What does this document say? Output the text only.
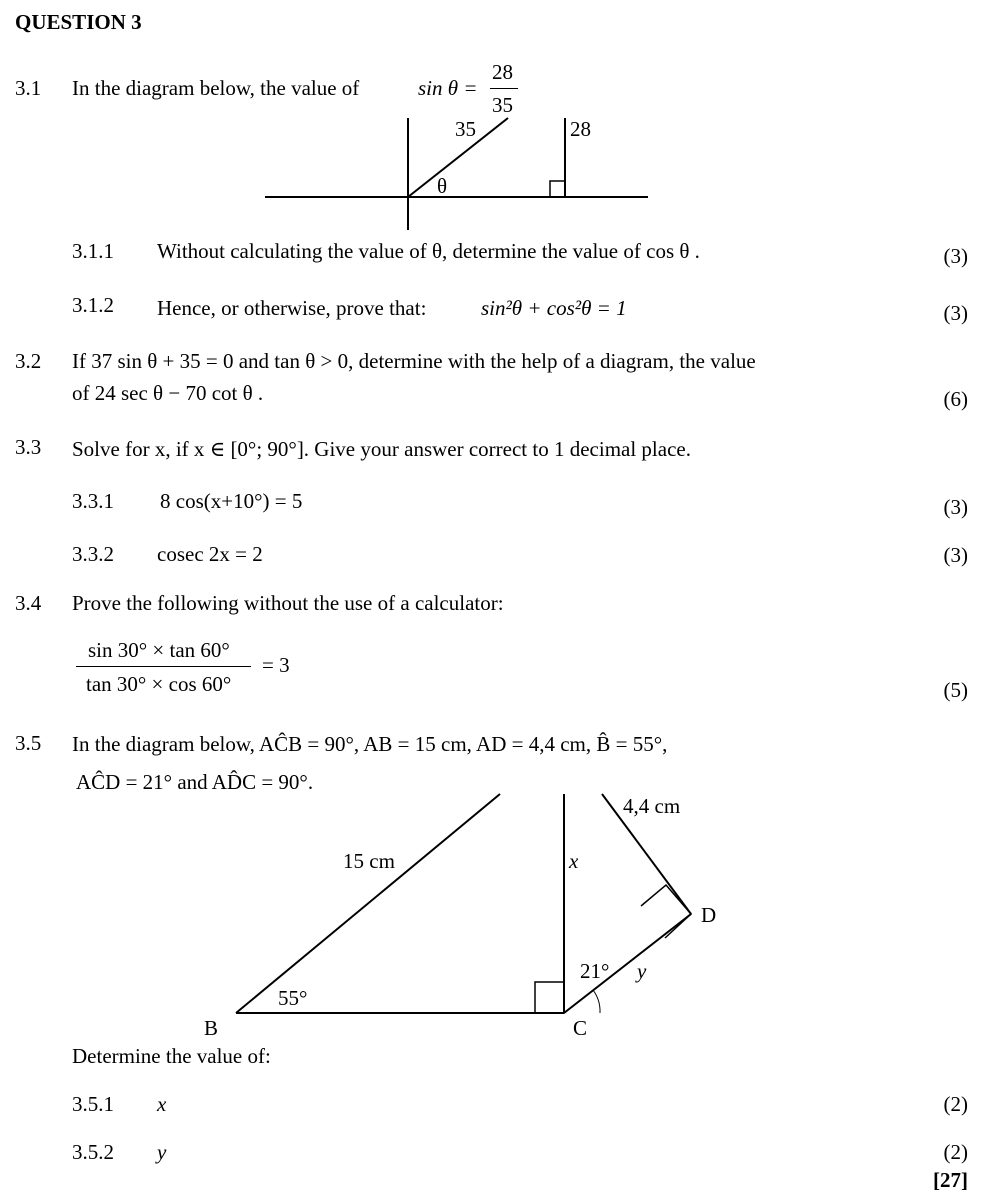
QUESTION 3
3.1 In the diagram below, the value of	sin θ =
28
35
35	28
θ
15 cm
4,4 cm
x
y
55°
21°
B	C
D
3.1.1 Without calculating the value of θ, determine the value of cos θ .	(3)
3.1.2 Hence, or otherwise, prove that:	sin²θ + cos²θ = 1	(3)
3.2 If 37 sin θ + 35 = 0 and tan θ > 0, determine with the help of a diagram, the value
of 24 sec θ − 70 cot θ .	(6)
3.3 Solve for x, if x ∈ [0°; 90°]. Give your answer correct to 1 decimal place.
3.3.1 8 cos(x+10°) = 5	(3)
3.3.2 cosec 2x = 2	(3)
3.4 Prove the following without the use of a calculator:
sin 30° × tan 60°
tan 30° × cos 60°
= 3
(5)
3.5 In the diagram below, AĈB = 90°, AB = 15 cm, AD = 4,4 cm, B̂ = 55°,
AĈD = 21° and AD̂C = 90°.
Determine the value of:
3.5.1 x	(2)
3.5.2 y	(2)
[27]
